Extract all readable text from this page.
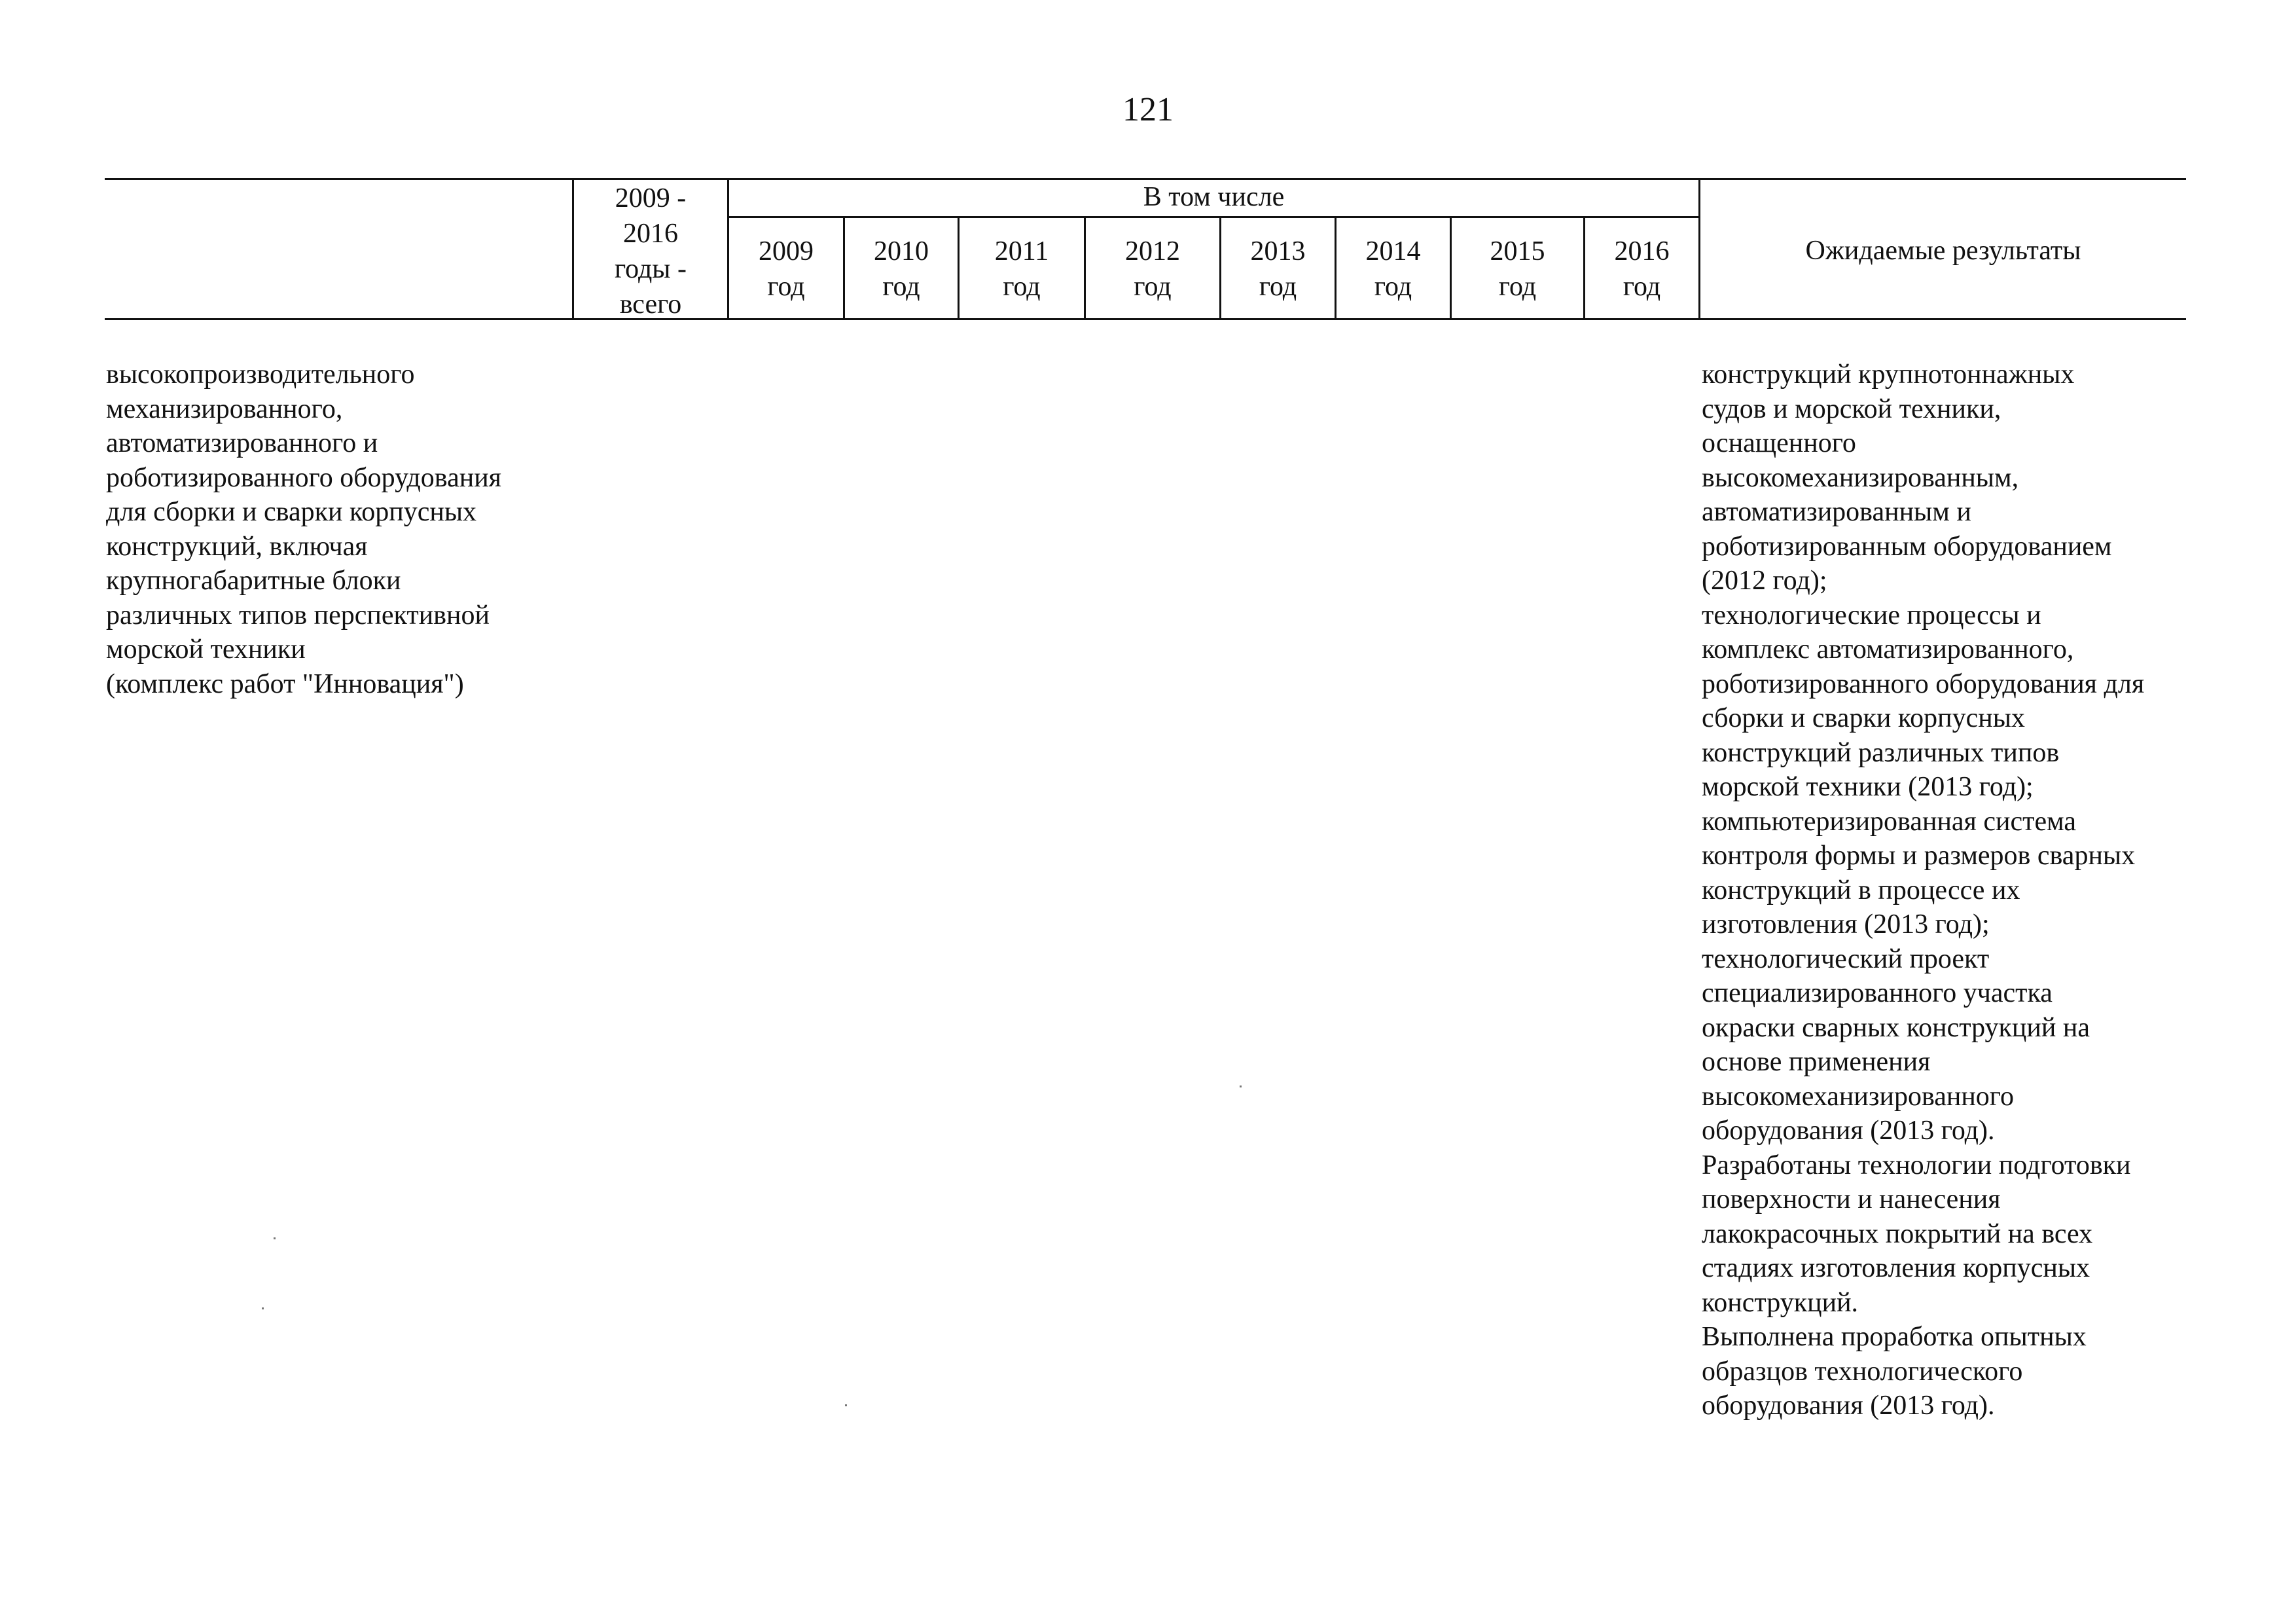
121
2009 -
2016
годы -
всего
В том числе
2009
год
2010
год
2011
год
2012
год
2013
год
2014
год
2015
год
2016
год
Ожидаемые результаты
высокопроизводительного
механизированного,
автоматизированного и
роботизированного оборудования
для сборки и сварки корпусных
конструкций, включая
крупногабаритные блоки
различных типов перспективной
морской техники
(комплекс работ "Инновация")
конструкций крупнотоннажных
судов и морской техники,
оснащенного
высокомеханизированным,
автоматизированным и
роботизированным оборудованием
(2012 год);
технологические процессы и
комплекс автоматизированного,
роботизированного оборудования для
сборки и сварки корпусных
конструкций различных типов
морской техники (2013 год);
компьютеризированная система
контроля формы и размеров сварных
конструкций в процессе их
изготовления (2013 год);
технологический проект
специализированного участка
окраски сварных конструкций на
основе применения
высокомеханизированного
оборудования (2013 год).
Разработаны технологии подготовки
поверхности и нанесения
лакокрасочных покрытий на всех
стадиях изготовления корпусных
конструкций.
Выполнена проработка опытных
образцов технологического
оборудования (2013 год).
